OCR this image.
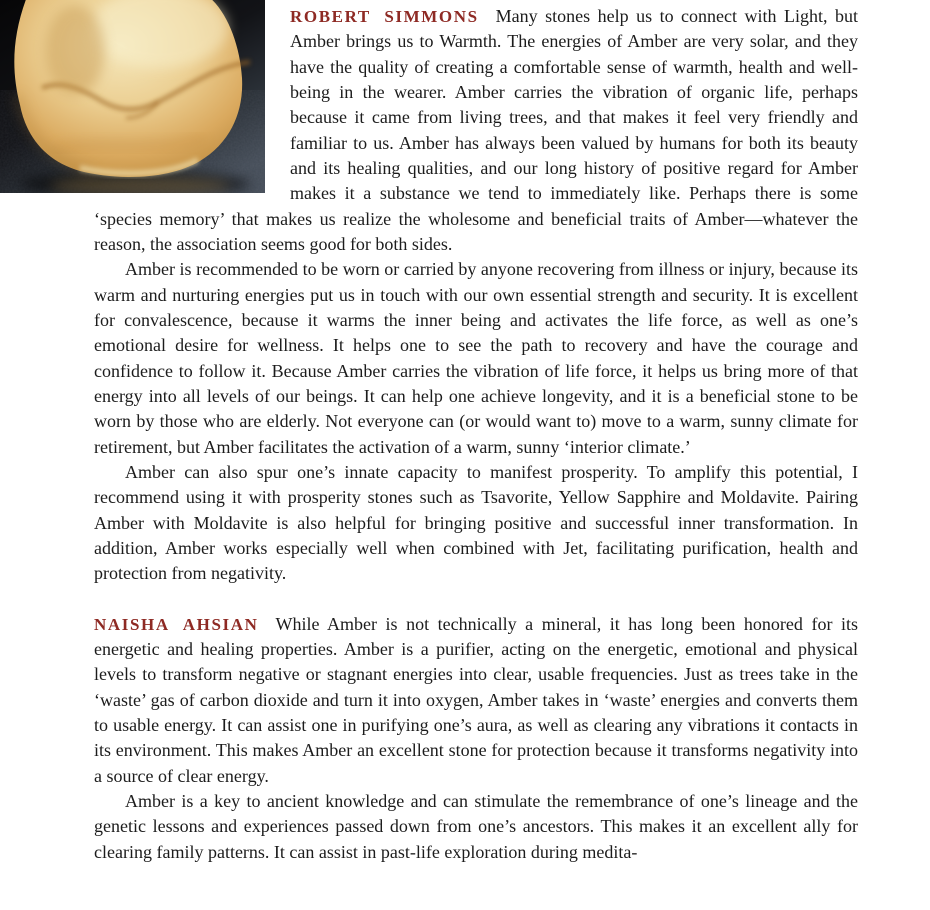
ROBERT SIMMONS Many stones help us to connect with Light, but Amber brings us to Warmth. The energies of Amber are very solar, and they have the quality of creating a comfortable sense of warmth, health and well-being in the wearer. Amber carries the vibration of organic life, perhaps because it came from living trees, and that makes it feel very friendly and familiar to us. Amber has always been valued by humans for both its beauty and its healing qualities, and our long history of positive regard for Amber makes it a substance we tend to immediately like. Perhaps there is some ‘species memory’ that makes us realize the wholesome and beneficial traits of Amber—whatever the reason, the association seems good for both sides.

Amber is recommended to be worn or carried by anyone recovering from illness or injury, because its warm and nurturing energies put us in touch with our own essential strength and security. It is excellent for convalescence, because it warms the inner being and activates the life force, as well as one’s emotional desire for wellness. It helps one to see the path to recovery and have the courage and confidence to follow it. Because Amber carries the vibration of life force, it helps us bring more of that energy into all levels of our beings. It can help one achieve longevity, and it is a beneficial stone to be worn by those who are elderly. Not everyone can (or would want to) move to a warm, sunny climate for retirement, but Amber facilitates the activation of a warm, sunny ‘interior climate.’

Amber can also spur one’s innate capacity to manifest prosperity. To amplify this potential, I recommend using it with prosperity stones such as Tsavorite, Yellow Sapphire and Moldavite. Pairing Amber with Moldavite is also helpful for bringing positive and successful inner transformation. In addition, Amber works especially well when combined with Jet, facilitating purification, health and protection from negativity.

NAISHA AHSIAN While Amber is not technically a mineral, it has long been honored for its energetic and healing properties. Amber is a purifier, acting on the energetic, emotional and physical levels to transform negative or stagnant energies into clear, usable frequencies. Just as trees take in the ‘waste’ gas of carbon dioxide and turn it into oxygen, Amber takes in ‘waste’ energies and converts them to usable energy. It can assist one in purifying one’s aura, as well as clearing any vibrations it contacts in its environment. This makes Amber an excellent stone for protection because it transforms negativity into a source of clear energy.

Amber is a key to ancient knowledge and can stimulate the remembrance of one’s lineage and the genetic lessons and experiences passed down from one’s ancestors. This makes it an excellent ally for clearing family patterns. It can assist in past-life exploration during medita-
